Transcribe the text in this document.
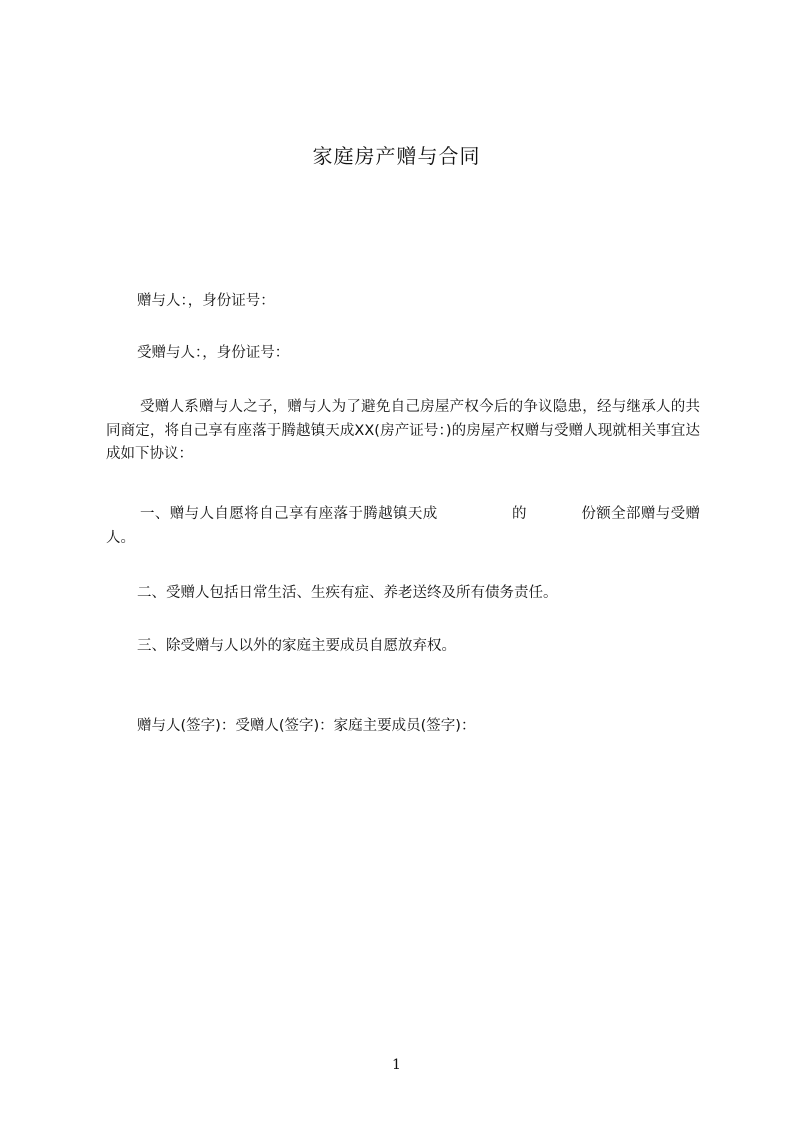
家庭房产赠与合同
赠与人：，身份证号：
受赠与人：，身份证号：
受赠人系赠与人之子，赠与人为了避免自己房屋产权今后的争议隐患，经与继承人的共同商定，将自己享有座落于腾越镇天成XX(房产证号：)的房屋产权赠与受赠人现就相关事宜达成如下协议：
一、赠与人自愿将自己享有座落于腾越镇天成	的	份额全部赠与受赠人。
二、受赠人包括日常生活、生疾有症、养老送终及所有债务责任。
三、除受赠与人以外的家庭主要成员自愿放弃权。
赠与人(签字)：受赠人(签字)：家庭主要成员(签字)：
1
